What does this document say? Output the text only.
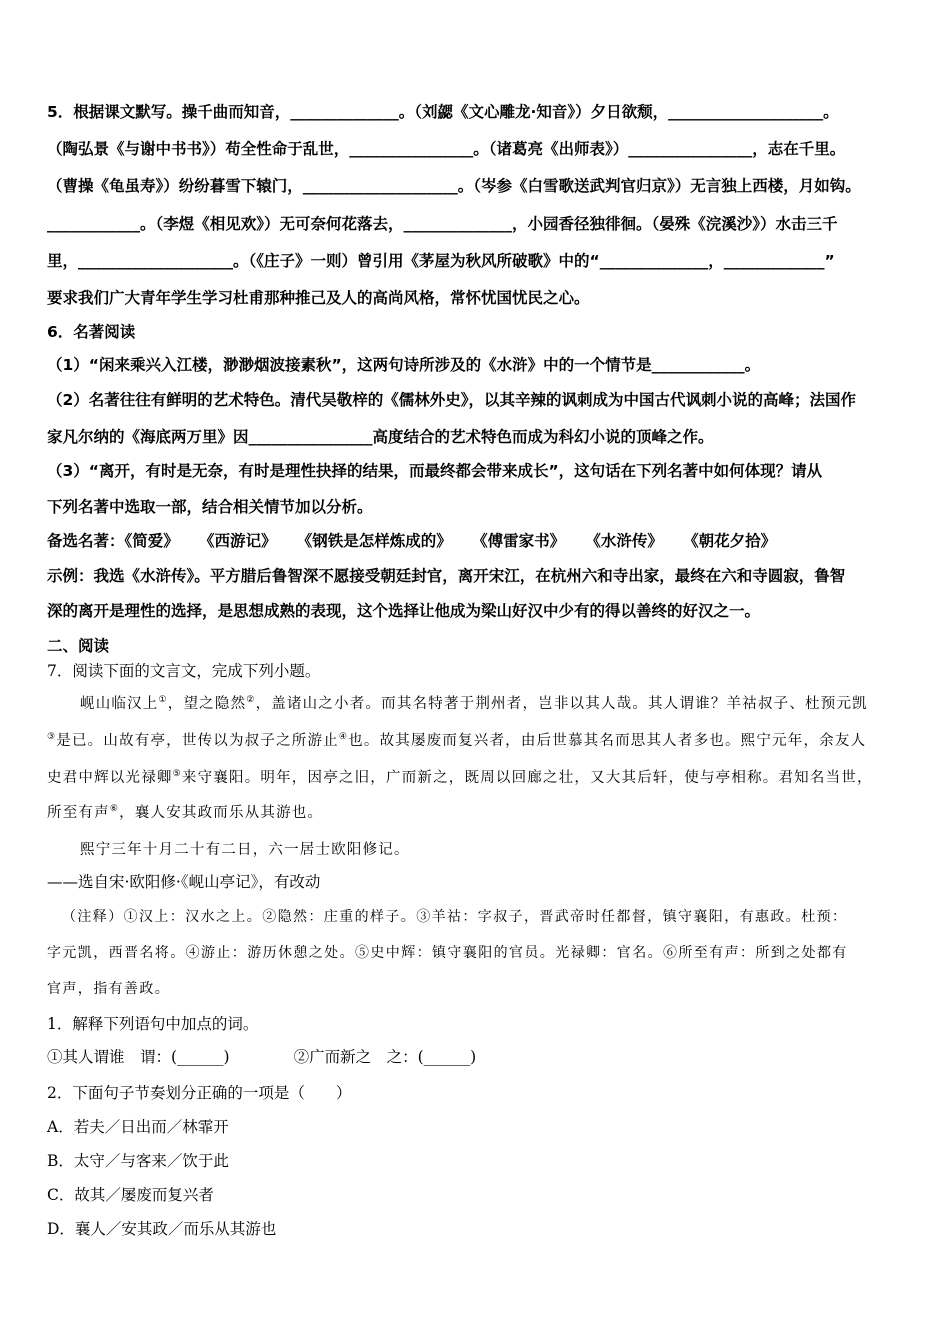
5．根据课文默写。操千曲而知音，______________。（刘勰《文心雕龙·知音》）夕日欲颓，____________________。
（陶弘景《与谢中书书》）苟全性命于乱世，________________。（诸葛亮《出师表》）________________，志在千里。
（曹操《龟虽寿》）纷纷暮雪下辕门，____________________。（岑参《白雪歌送武判官归京》）无言独上西楼，月如钩。
____________。（李煜《相见欢》）无可奈何花落去，______________，小园香径独徘徊。（晏殊《浣溪沙》）水击三千
里，____________________。（《庄子》一则）曾引用《茅屋为秋风所破歌》中的“______________，_____________”
要求我们广大青年学生学习杜甫那种推己及人的高尚风格，常怀忧国忧民之心。
6．名著阅读
（1）“闲来乘兴入江楼，渺渺烟波接素秋”，这两句诗所涉及的《水浒》中的一个情节是____________。
（2）名著往往有鲜明的艺术特色。清代吴敬梓的《儒林外史》，以其辛辣的讽刺成为中国古代讽刺小说的高峰；法国作
家凡尔纳的《海底两万里》因________________高度结合的艺术特色而成为科幻小说的顶峰之作。
（3）“离开，有时是无奈，有时是理性抉择的结果，而最终都会带来成长”，这句话在下列名著中如何体现？请从
下列名著中选取一部，结合相关情节加以分析。
备选名著：《简爱》 《西游记》 《钢铁是怎样炼成的》 《傅雷家书》 《水浒传》 《朝花夕拾》
示例：我选《水浒传》。平方腊后鲁智深不愿接受朝廷封官，离开宋江，在杭州六和寺出家，最终在六和寺圆寂，鲁智
深的离开是理性的选择，是思想成熟的表现，这个选择让他成为梁山好汉中少有的得以善终的好汉之一。
二、阅读
7．阅读下面的文言文，完成下列小题。
岘山临汉上①，望之隐然②，盖诸山之小者。而其名特著于荆州者，岂非以其人哉。其人谓谁？羊祜叔子、杜预元凯
③是已。山故有亭，世传以为叔子之所游止④也。故其屡废而复兴者，由后世慕其名而思其人者多也。熙宁元年，余友人
史君中辉以光禄卿⑤来守襄阳。明年，因亭之旧，广而新之，既周以回廊之壮，又大其后轩，使与亭相称。君知名当世，
所至有声⑥，襄人安其政而乐从其游也。
熙宁三年十月二十有二日，六一居士欧阳修记。
——选自宋·欧阳修·《岘山亭记》，有改动
（注释）①汉上：汉水之上。②隐然：庄重的样子。③羊祜：字叔子，晋武帝时任都督，镇守襄阳，有惠政。杜预：
字元凯，西晋名将。④游止：游历休憩之处。⑤史中辉：镇守襄阳的官员。光禄卿：官名。⑥所至有声：所到之处都有
官声，指有善政。
1．解释下列语句中加点的词。
①其人谓谁　谓：(______)	②广而新之　之：(______)
2．下面句子节奏划分正确的一项是（　　）
A．若夫／日出而／林霏开
B．太守／与客来／饮于此
C．故其／屡废而复兴者
D．襄人／安其政／而乐从其游也
